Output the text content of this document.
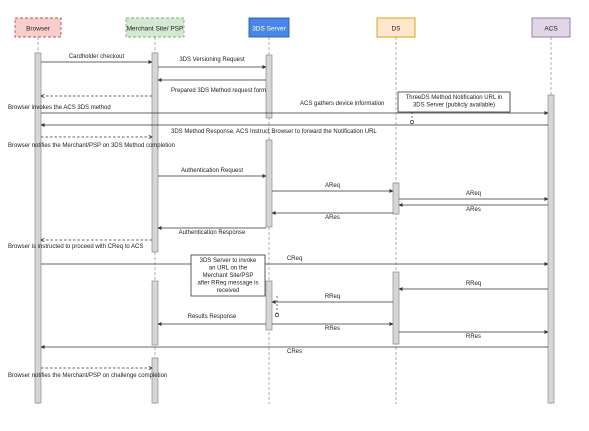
Browser	Merchant Site/ PSP	3DS Server	DS	ACS
Cardholder checkout	3DS Versioning Request
Prepared 3DS Method request form
Browser invokes the ACS 3DS method
ACS gathers device information
3DS Method Response, ACS Instruct Browser to forward the Notification URL
Browser notifies the Merchant/PSP on 3DS Method completion
Authentication Request
AReq
AReq
ARes
ARes
Authentication Response
Browser is instructed to proceed with CReq to ACS
CReq
RReq
RReq
Results Response
RRes
RRes
CRes
Browser notifies the Merchant/PSP on challenge completion
ThreeDS Method Notification URL in
3DS Server (publicly available)
3DS Server to invoke
an URL on the
Merchant Site/PSP
after RReq message is
received
